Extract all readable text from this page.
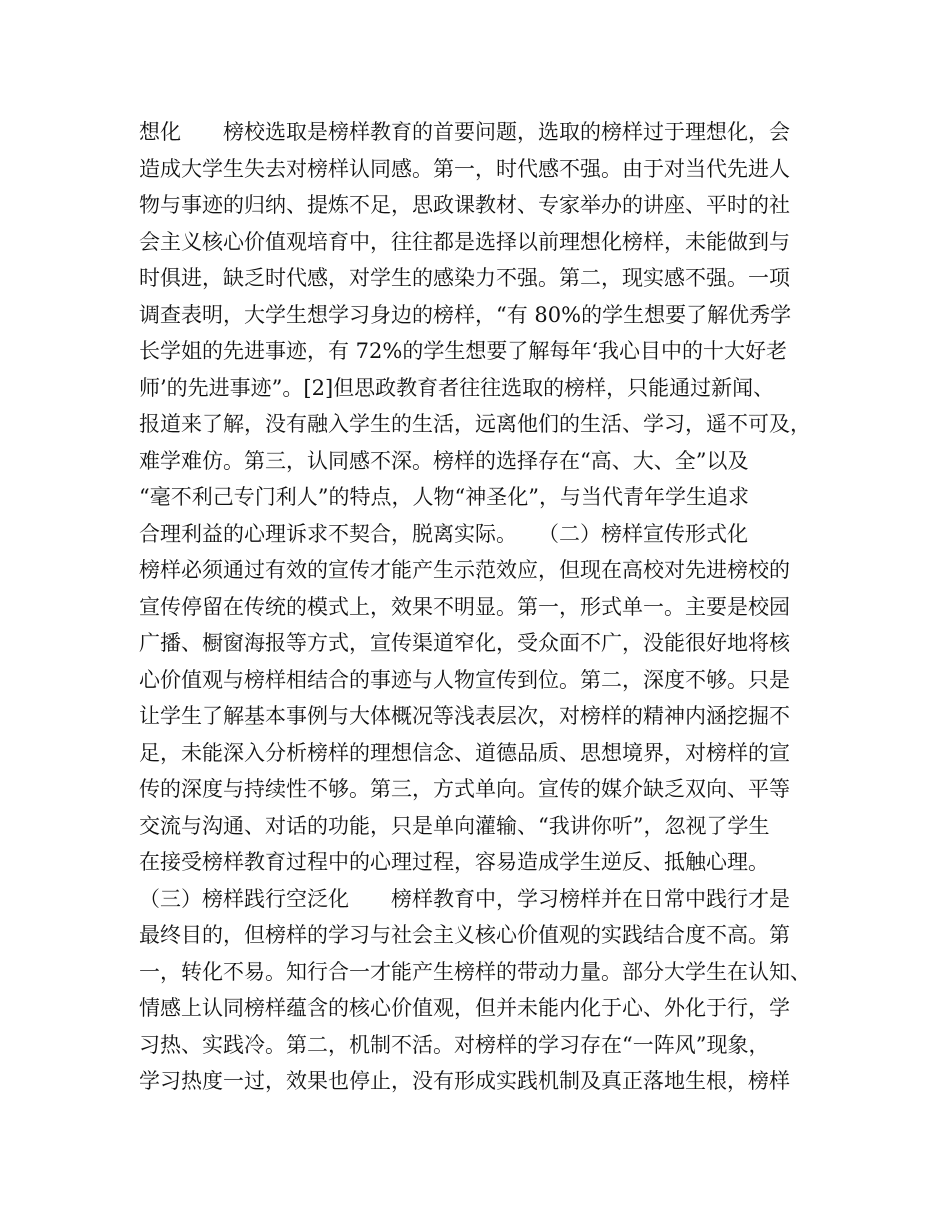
想化　　榜校选取是榜样教育的首要问题，选取的榜样过于理想化，会
造成大学生失去对榜样认同感。第一，时代感不强。由于对当代先进人
物与事迹的归纳、提炼不足，思政课教材、专家举办的讲座、平时的社
会主义核心价值观培育中，往往都是选择以前理想化榜样，未能做到与
时俱进，缺乏时代感，对学生的感染力不强。第二，现实感不强。一项
调查表明，大学生想学习身边的榜样，“有 80%的学生想要了解优秀学
长学姐的先进事迹，有 72%的学生想要了解每年‘我心目中的十大好老
师’的先进事迹”。[2]但思政教育者往往选取的榜样，只能通过新闻、
报道来了解，没有融入学生的生活，远离他们的生活、学习，遥不可及，
难学难仿。第三，认同感不深。榜样的选择存在“高、大、全”以及
“毫不利己专门利人”的特点，人物“神圣化”，与当代青年学生追求
合理利益的心理诉求不契合，脱离实际。　　（二）榜样宣传形式化
榜样必须通过有效的宣传才能产生示范效应，但现在高校对先进榜校的
宣传停留在传统的模式上，效果不明显。第一，形式单一。主要是校园
广播、橱窗海报等方式，宣传渠道窄化，受众面不广，没能很好地将核
心价值观与榜样相结合的事迹与人物宣传到位。第二，深度不够。只是
让学生了解基本事例与大体概况等浅表层次，对榜样的精神内涵挖掘不
足，未能深入分析榜样的理想信念、道德品质、思想境界，对榜样的宣
传的深度与持续性不够。第三，方式单向。宣传的媒介缺乏双向、平等
交流与沟通、对话的功能，只是单向灌输、“我讲你听”，忽视了学生
在接受榜样教育过程中的心理过程，容易造成学生逆反、抵触心理。
（三）榜样践行空泛化　　榜样教育中，学习榜样并在日常中践行才是
最终目的，但榜样的学习与社会主义核心价值观的实践结合度不高。第
一，转化不易。知行合一才能产生榜样的带动力量。部分大学生在认知、
情感上认同榜样蕴含的核心价值观，但并未能内化于心、外化于行，学
习热、实践冷。第二，机制不活。对榜样的学习存在“一阵风”现象，
学习热度一过，效果也停止，没有形成实践机制及真正落地生根，榜样
